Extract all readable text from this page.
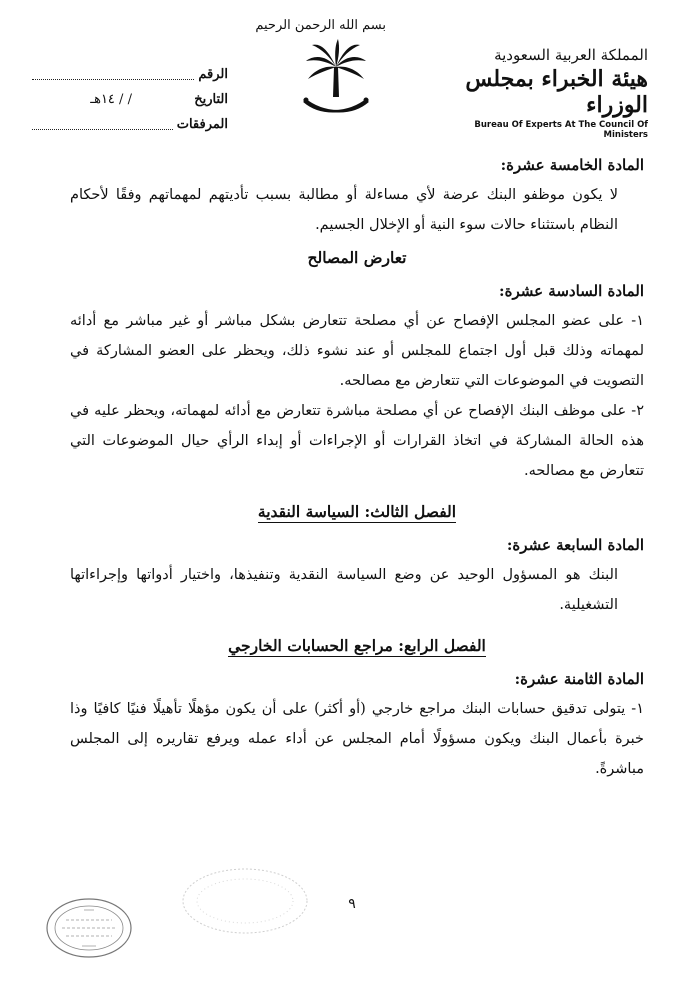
المملكة العربية السعودية
هيئة الخبراء بمجلس الوزراء
Bureau Of Experts At The Council Of Ministers
بسم الله الرحمن الرحيم
الرقم
التاريخ
/ / ١٤هـ
المرفقات

المادة الخامسة عشرة:

لا يكون موظفو البنك عرضة لأي مساءلة أو مطالبة بسبب تأديتهم لمهماتهم وفقًا لأحكام النظام باستثناء حالات سوء النية أو الإخلال الجسيم.

تعارض المصالح

المادة السادسة عشرة:

١- على عضو المجلس الإفصاح عن أي مصلحة تتعارض بشكل مباشر أو غير مباشر مع أدائه لمهماته وذلك قبل أول اجتماع للمجلس أو عند نشوء ذلك، ويحظر على العضو المشاركة في التصويت في الموضوعات التي تتعارض مع مصالحه.

٢- على موظف البنك الإفصاح عن أي مصلحة مباشرة تتعارض مع أدائه لمهماته، ويحظر عليه في هذه الحالة المشاركة في اتخاذ القرارات أو الإجراءات أو إبداء الرأي حيال الموضوعات التي تتعارض مع مصالحه.

الفصل الثالث: السياسة النقدية

المادة السابعة عشرة:

البنك هو المسؤول الوحيد عن وضع السياسة النقدية وتنفيذها، واختيار أدواتها وإجراءاتها التشغيلية.

الفصل الرابع: مراجع الحسابات الخارجي

المادة الثامنة عشرة:

١- يتولى تدقيق حسابات البنك مراجع خارجي (أو أكثر) على أن يكون مؤهلًا تأهيلًا فنيًا كافيًا وذا خبرة بأعمال البنك ويكون مسؤولًا أمام المجلس عن أداء عمله ويرفع تقاريره إلى المجلس مباشرةً.

٩
